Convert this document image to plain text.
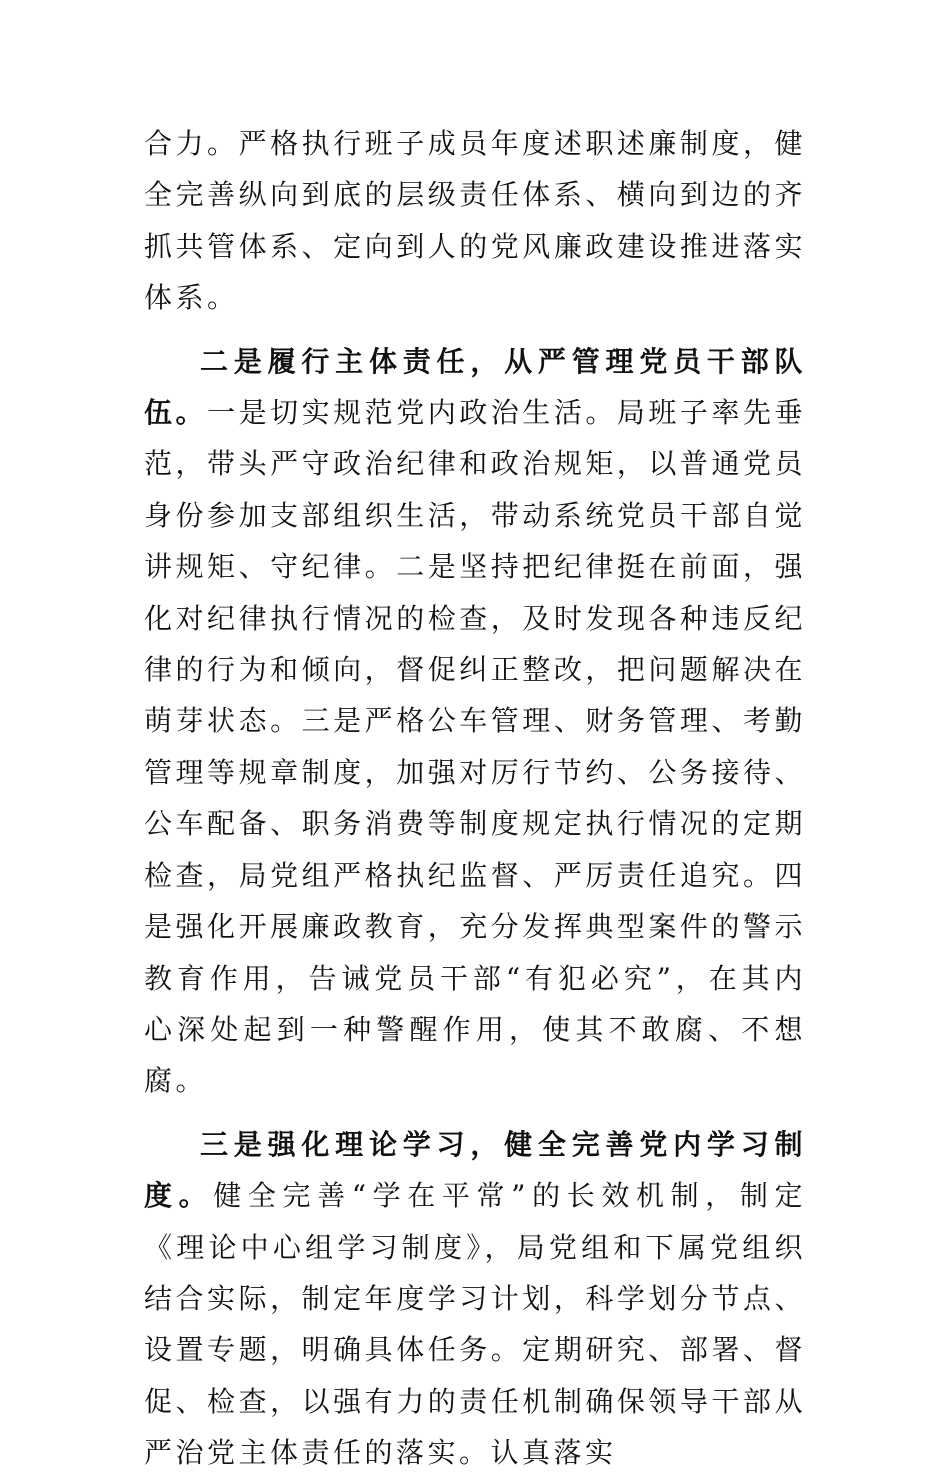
合力。严格执行班子成员年度述职述廉制度，健全完善纵向到底的层级责任体系、横向到边的齐抓共管体系、定向到人的党风廉政建设推进落实体系。

二是履行主体责任，从严管理党员干部队伍。一是切实规范党内政治生活。局班子率先垂范，带头严守政治纪律和政治规矩，以普通党员身份参加支部组织生活，带动系统党员干部自觉讲规矩、守纪律。二是坚持把纪律挺在前面，强化对纪律执行情况的检查，及时发现各种违反纪律的行为和倾向，督促纠正整改，把问题解决在萌芽状态。三是严格公车管理、财务管理、考勤管理等规章制度，加强对厉行节约、公务接待、公车配备、职务消费等制度规定执行情况的定期检查，局党组严格执纪监督、严厉责任追究。四是强化开展廉政教育，充分发挥典型案件的警示教育作用，告诫党员干部“有犯必究”，在其内心深处起到一种警醒作用，使其不敢腐、不想腐。

三是强化理论学习，健全完善党内学习制度。健全完善“学在平常”的长效机制，制定《理论中心组学习制度》，局党组和下属党组织结合实际，制定年度学习计划，科学划分节点、设置专题，明确具体任务。定期研究、部署、督促、检查，以强有力的责任机制确保领导干部从严治党主体责任的落实。认真落实
